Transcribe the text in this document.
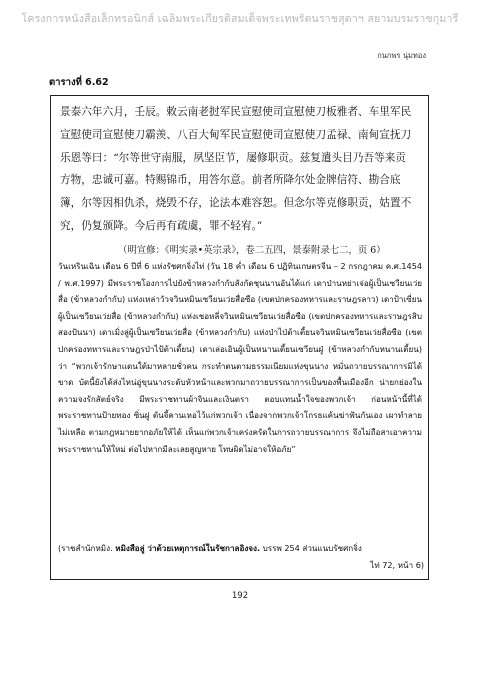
โครงการหนังสือเล็กทรอนิกส์ เฉลิมพระเกียรติสมเด็จพระเทพรัตนราชสุดาฯ สยามบรมราชกุมารี
กนกพร นุ่มทอง
ตารางที่ 6.62
景泰六年六月，壬辰。敕云南老挝军民宣慰使司宣慰使刀板雅者、车里军民
宣慰使司宣慰使刀霸羡、八百大甸军民宣慰使司宣慰使刀孟禄、南甸宣抚刀
乐恩等曰：“尔等世守南服，夙坚臣节，屡修职贡。兹复遣头目乃吾等来贡
方物，忠诚可嘉。特赐锦币，用答尔意。前者所降尔处金牌信符、勘合底
簿，尔等因相仇杀，烧毁不存，论法本难容恕。但念尔等克修职贡，姑置不
究，仍复颁降。今后再有疏虞，罪不轻宥。”
（明宣修：《明实录•英宗录》，卷二五四，景泰附录七二，页 6）
วันเหรินเฉิน เดือน 6 ปีที่ 6 แห่งรัชศกจิ่งไท่ (วัน 18 ค่ำ เดือน 6 ปฏิทินเกษตรจีน – 2 กรกฎาคม ค.ศ.1454 / พ.ศ.1997) มีพระราชโองการไปยังข้าหลวงกำกับสังกัดชุนนานอันได้แก่ เดาป่านหย่าเจ่อผู้เป็นเซวียนเว่ยสื่อ (ข้าหลวงกำกับ) แห่งเหล่าวัวจวินหมินเซวียนเว่ยสื่อซือ (เขตปกครองทหารและราษฎรลาว) เดาป้าเซี่ยนผู้เป็นเซวียนเว่ยสื่อ (ข้าหลวงกำกับ) แห่งเชอหลี่จวินหมินเซวียนเว่ยสื่อซือ (เขตปกครองทหารและราษฎรสิบสองปันนา) เดาเมิ่งลู่ผู้เป็นเซวียนเว่ยสื่อ (ข้าหลวงกำกับ) แห่งป่าไป่ต้าเตี้ยนจวินหมินเซวียนเว่ยสื่อซือ (เขตปกครองทหารและราษฎรป่าไป้ต้าเตี้ยน) เดาเล่อเอินผู้เป็นหนานเตี้ยนเซวียนฝู่ (ข้าหลวงกำกับหนานเตี้ยน) ว่า “พวกเจ้ารักษาแดนใต้มาหลายชั่วคน กระทำตนตามธรรมเนียมแห่งขุนนาง หมั่นถวายบรรณาการมิได้ขาด บัดนี้ยังได้ส่งไหน่อู่ขุนนางระดับหัวหน้าและพวกมาถวายบรรณาการเป็นของพื้นเมืองอีก น่ายกย่องในความจงรักสัตย์จริง มีพระราชทานผ้าจินและเงินตรา ตอบแทนน้ำใจของพวกเจ้า ก่อนหน้านี้ที่ได้พระราชทานป้ายทอง ซิ่นฝู ตันจี้คานเหอไว้แก่พวกเจ้า เนื่องจากพวกเจ้าโกรธแค้นฆ่าฟันกันเอง เผาทำลายไม่เหลือ ตามกฎหมายยากอภัยให้ได้ เห็นแก่พวกเจ้าเคร่งครัดในการถวายบรรณาการ จึงไม่ถือสาเอาความ พระราชทานให้ใหม่ ต่อไปหากมีละเลยสูญหาย โทษผิดไม่อาจให้อภัย”
(ราชสำนักหมิง. หมิงสือลู่ ว่าด้วยเหตุการณ์ในรัชกาลอิงจง. บรรพ 254 ส่วนแนบรัชศกจิ่ง
ไท่ 72, หน้า 6)
192
